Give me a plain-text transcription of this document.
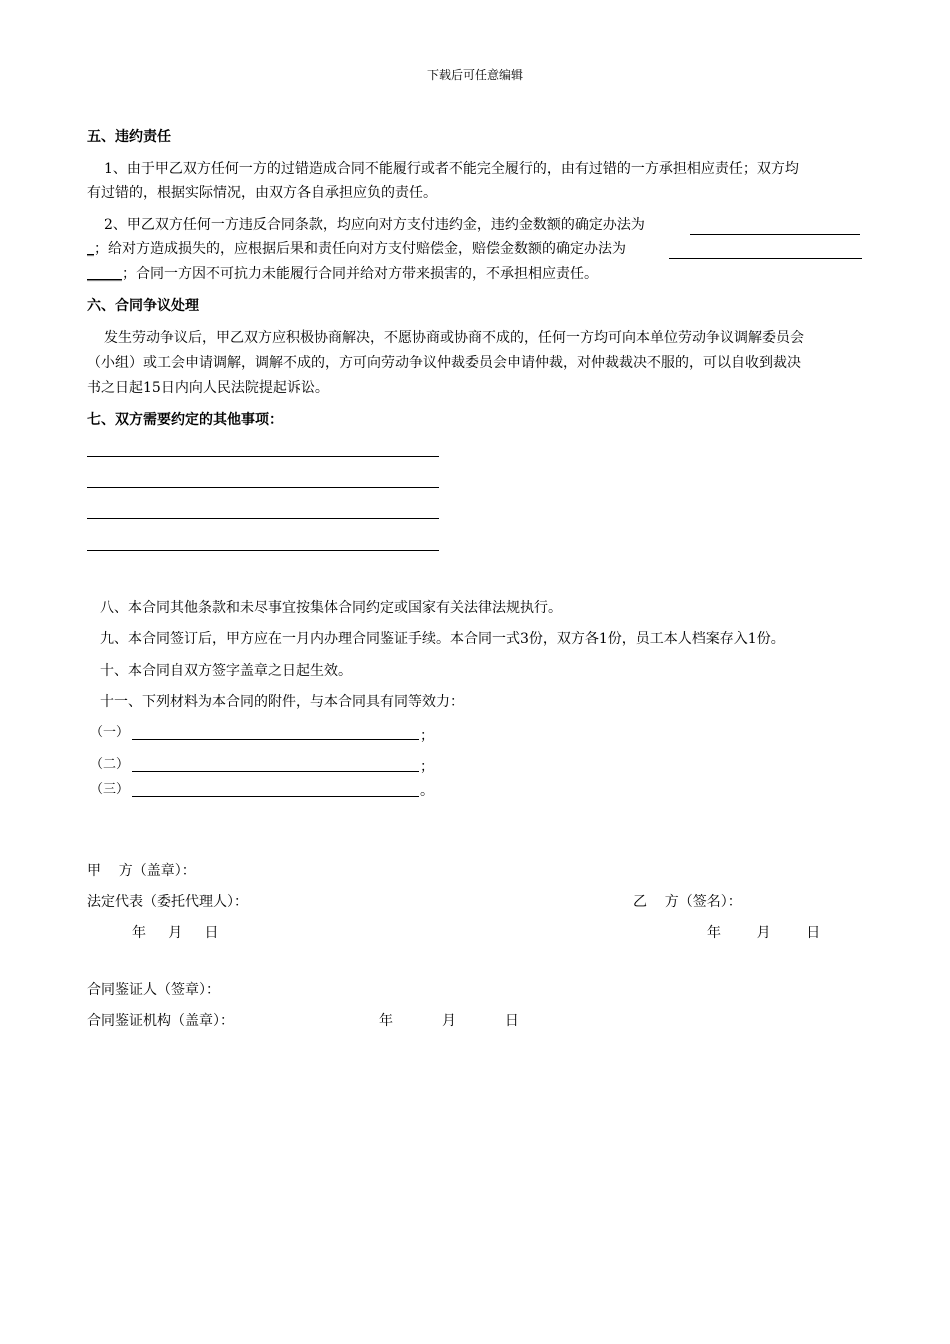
下载后可任意编辑
五、违约责任
1、由于甲乙双方任何一方的过错造成合同不能履行或者不能完全履行的，由有过错的一方承担相应责任；双方均
有过错的，根据实际情况，由双方各自承担应负的责任。
2、甲乙双方任何一方违反合同条款，均应向对方支付违约金，违约金数额的确定办法为
_；给对方造成损失的，应根据后果和责任向对方支付赔偿金，赔偿金数额的确定办法为
_____；合同一方因不可抗力未能履行合同并给对方带来损害的，不承担相应责任。
六、合同争议处理
发生劳动争议后，甲乙双方应积极协商解决，不愿协商或协商不成的，任何一方均可向本单位劳动争议调解委员会
（小组）或工会申请调解，调解不成的，方可向劳动争议仲裁委员会申请仲裁，对仲裁裁决不服的，可以自收到裁决
书之日起15日内向人民法院提起诉讼。
七、双方需要约定的其他事项：
八、本合同其他条款和未尽事宜按集体合同约定或国家有关法律法规执行。
九、本合同签订后，甲方应在一月内办理合同鉴证手续。本合同一式3份，双方各1份，员工本人档案存入1份。
十、本合同自双方签字盖章之日起生效。
十一、下列材料为本合同的附件，与本合同具有同等效力：
（一）	；
（二）	；
（三）	。
甲    方（盖章）：
法定代表（委托代理人）：	乙    方（签名）：
年     月     日	年        月        日
合同鉴证人（签章）：
合同鉴证机构（盖章）：	年           月           日
